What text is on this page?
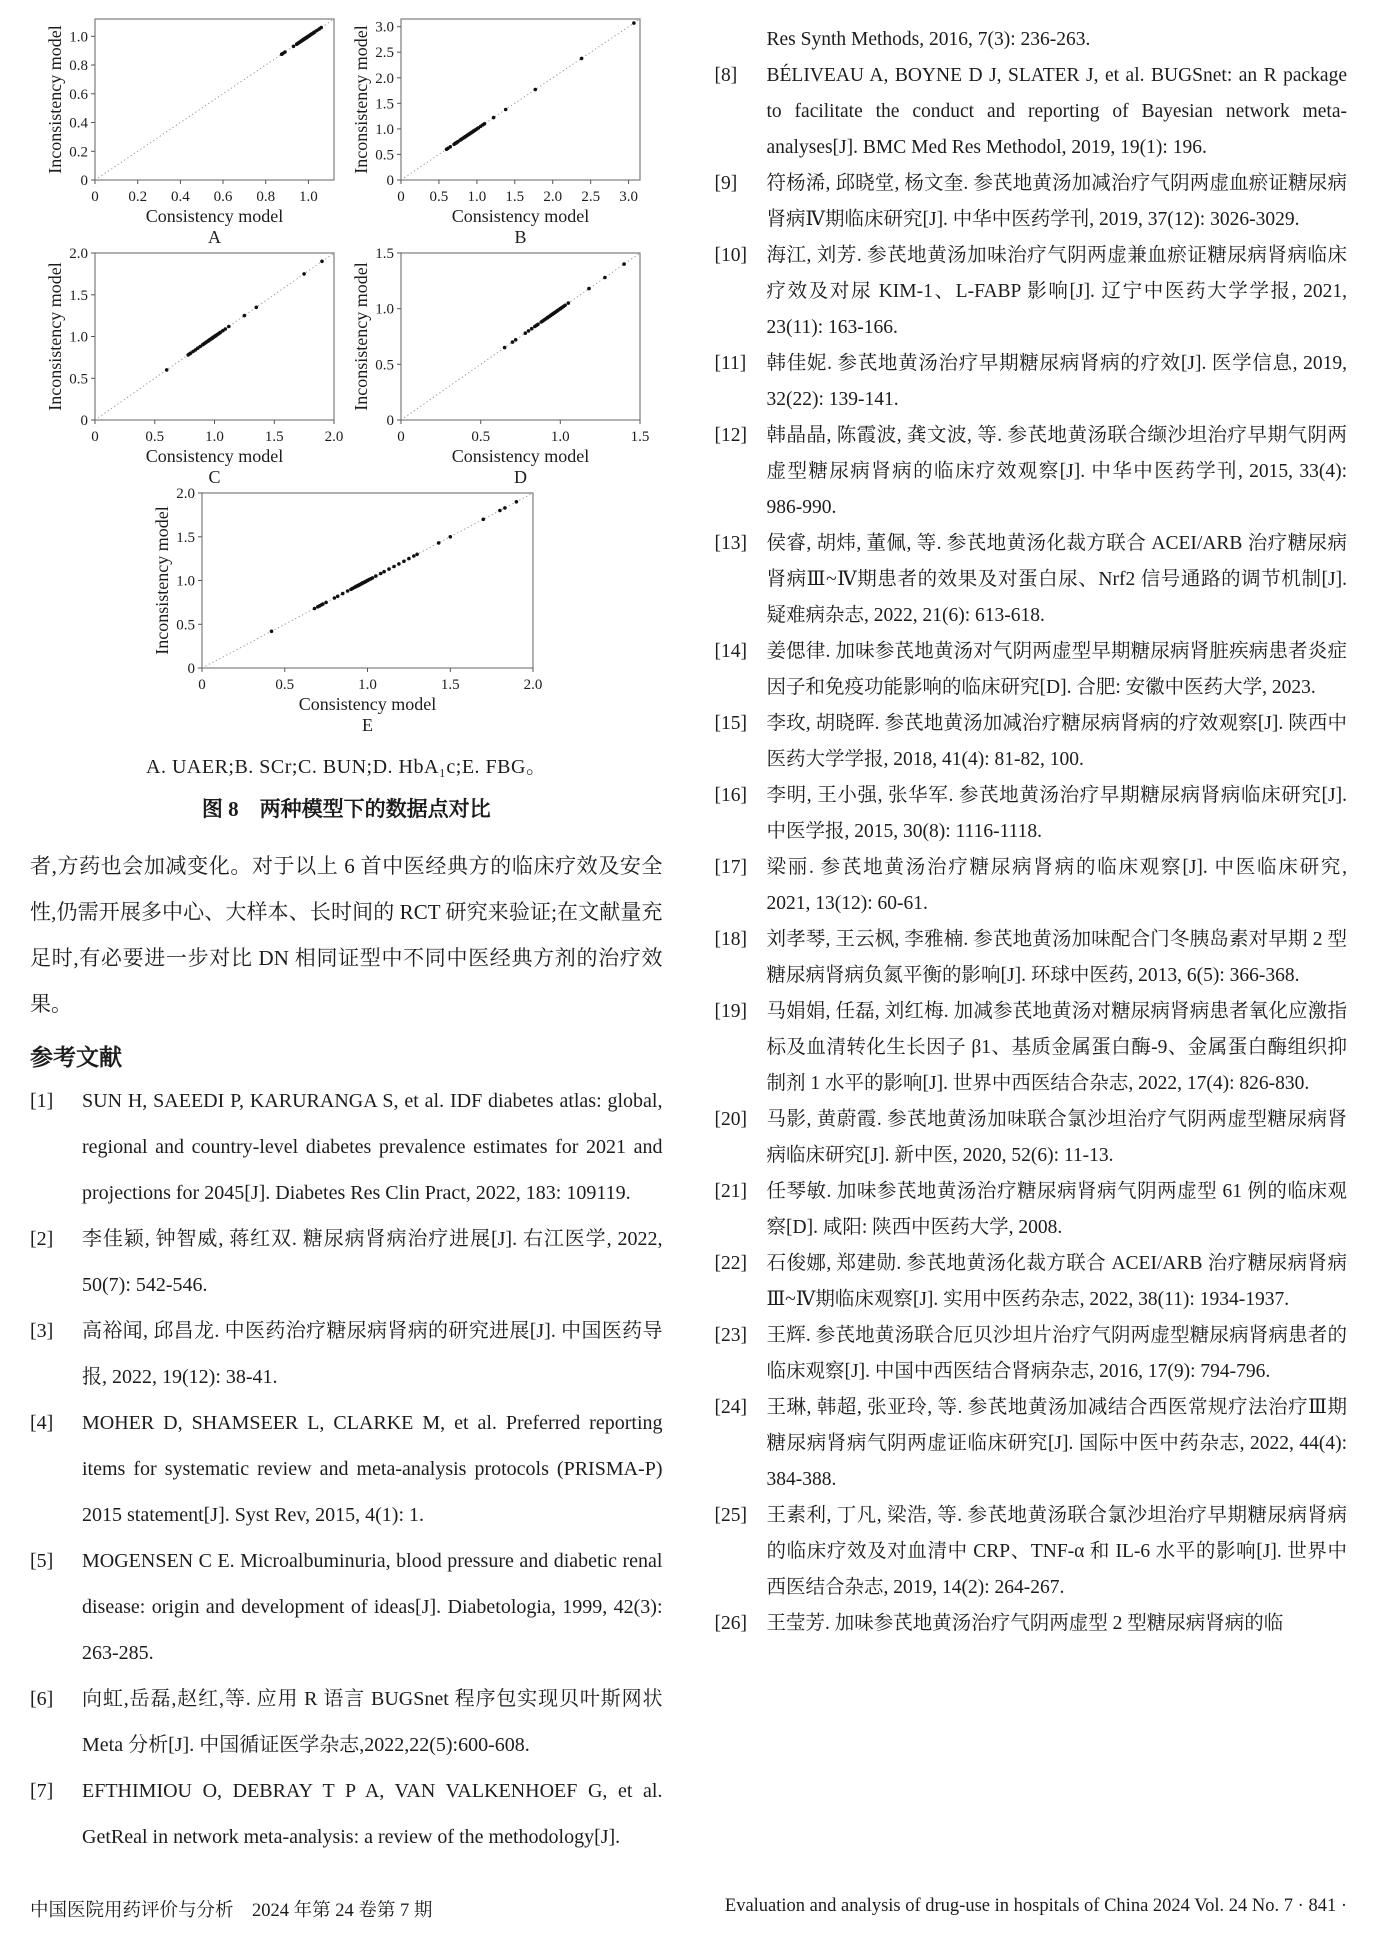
0
0
0.2
0.2
0.4
0.4
0.6
0.6
0.8
0.8
1.0
1.0
Consistency model
Inconsistency model
A
0
0
0.5
0.5
1.0
1.0
1.5
1.5
2.0
2.0
2.5
2.5
3.0
3.0
Consistency model
Inconsistency model
B
0
0
0.5
0.5
1.0
1.0
1.5
1.5
2.0
2.0
Consistency model
Inconsistency model
C
0
0
0.5
0.5
1.0
1.0
1.5
1.5
Consistency model
Inconsistency model
D
0
0
0.5
0.5
1.0
1.0
1.5
1.5
2.0
2.0
Consistency model
Inconsistency model
E
A. UAER;B. SCr;C. BUN;D. HbA₁c;E. FBG。
图 8　两种模型下的数据点对比

者,方药也会加减变化。对于以上 6 首中医经典方的临床疗效及安全性,仍需开展多中心、大样本、长时间的 RCT 研究来验证;在文献量充足时,有必要进一步对比 DN 相同证型中不同中医经典方剂的治疗效果。

参考文献
[1]	SUN H, SAEEDI P, KARURANGA S, et al. IDF diabetes atlas: global, regional and country-level diabetes prevalence estimates for 2021 and projections for 2045[J]. Diabetes Res Clin Pract, 2022, 183: 109119.
[2]	李佳颖, 钟智威, 蒋红双. 糖尿病肾病治疗进展[J]. 右江医学, 2022, 50(7): 542-546.
[3]	高裕闻, 邱昌龙. 中医药治疗糖尿病肾病的研究进展[J]. 中国医药导报, 2022, 19(12): 38-41.
[4]	MOHER D, SHAMSEER L, CLARKE M, et al. Preferred reporting items for systematic review and meta-analysis protocols (PRISMA-P) 2015 statement[J]. Syst Rev, 2015, 4(1): 1.
[5]	MOGENSEN C E. Microalbuminuria, blood pressure and diabetic renal disease: origin and development of ideas[J]. Diabetologia, 1999, 42(3): 263-285.
[6]	向虹,岳磊,赵红,等. 应用 R 语言 BUGSnet 程序包实现贝叶斯网状 Meta 分析[J]. 中国循证医学杂志,2022,22(5):600-608.
[7]	EFTHIMIOU O, DEBRAY T P A, VAN VALKENHOEF G, et al. GetReal in network meta-analysis: a review of the methodology[J].
Res Synth Methods, 2016, 7(3): 236-263.
[8]	BÉLIVEAU A, BOYNE D J, SLATER J, et al. BUGSnet: an R package to facilitate the conduct and reporting of Bayesian network meta-analyses[J]. BMC Med Res Methodol, 2019, 19(1): 196.
[9]	符杨浠, 邱晓堂, 杨文奎. 参芪地黄汤加减治疗气阴两虚血瘀证糖尿病肾病Ⅳ期临床研究[J]. 中华中医药学刊, 2019, 37(12): 3026-3029.
[10]	海江, 刘芳. 参芪地黄汤加味治疗气阴两虚兼血瘀证糖尿病肾病临床疗效及对尿 KIM-1、L-FABP 影响[J]. 辽宁中医药大学学报, 2021, 23(11): 163-166.
[11]	韩佳妮. 参芪地黄汤治疗早期糖尿病肾病的疗效[J]. 医学信息, 2019, 32(22): 139-141.
[12]	韩晶晶, 陈霞波, 龚文波, 等. 参芪地黄汤联合缬沙坦治疗早期气阴两虚型糖尿病肾病的临床疗效观察[J]. 中华中医药学刊, 2015, 33(4): 986-990.
[13]	侯睿, 胡炜, 董佩, 等. 参芪地黄汤化裁方联合 ACEI/ARB 治疗糖尿病肾病Ⅲ~Ⅳ期患者的效果及对蛋白尿、Nrf2 信号通路的调节机制[J]. 疑难病杂志, 2022, 21(6): 613-618.
[14]	姜偲律. 加味参芪地黄汤对气阴两虚型早期糖尿病肾脏疾病患者炎症因子和免疫功能影响的临床研究[D]. 合肥: 安徽中医药大学, 2023.
[15]	李玫, 胡晓晖. 参芪地黄汤加减治疗糖尿病肾病的疗效观察[J]. 陕西中医药大学学报, 2018, 41(4): 81-82, 100.
[16]	李明, 王小强, 张华军. 参芪地黄汤治疗早期糖尿病肾病临床研究[J]. 中医学报, 2015, 30(8): 1116-1118.
[17]	梁丽. 参芪地黄汤治疗糖尿病肾病的临床观察[J]. 中医临床研究, 2021, 13(12): 60-61.
[18]	刘孝琴, 王云枫, 李雅楠. 参芪地黄汤加味配合门冬胰岛素对早期 2 型糖尿病肾病负氮平衡的影响[J]. 环球中医药, 2013, 6(5): 366-368.
[19]	马娟娟, 任磊, 刘红梅. 加减参芪地黄汤对糖尿病肾病患者氧化应激指标及血清转化生长因子 β1、基质金属蛋白酶-9、金属蛋白酶组织抑制剂 1 水平的影响[J]. 世界中西医结合杂志, 2022, 17(4): 826-830.
[20]	马影, 黄蔚霞. 参芪地黄汤加味联合氯沙坦治疗气阴两虚型糖尿病肾病临床研究[J]. 新中医, 2020, 52(6): 11-13.
[21]	任琴敏. 加味参芪地黄汤治疗糖尿病肾病气阴两虚型 61 例的临床观察[D]. 咸阳: 陕西中医药大学, 2008.
[22]	石俊娜, 郑建勋. 参芪地黄汤化裁方联合 ACEI/ARB 治疗糖尿病肾病Ⅲ~Ⅳ期临床观察[J]. 实用中医药杂志, 2022, 38(11): 1934-1937.
[23]	王辉. 参芪地黄汤联合厄贝沙坦片治疗气阴两虚型糖尿病肾病患者的临床观察[J]. 中国中西医结合肾病杂志, 2016, 17(9): 794-796.
[24]	王琳, 韩超, 张亚玲, 等. 参芪地黄汤加减结合西医常规疗法治疗Ⅲ期糖尿病肾病气阴两虚证临床研究[J]. 国际中医中药杂志, 2022, 44(4): 384-388.
[25]	王素利, 丁凡, 梁浩, 等. 参芪地黄汤联合氯沙坦治疗早期糖尿病肾病的临床疗效及对血清中 CRP、TNF-α 和 IL-6 水平的影响[J]. 世界中西医结合杂志, 2019, 14(2): 264-267.
[26]	王莹芳. 加味参芪地黄汤治疗气阴两虚型 2 型糖尿病肾病的临
中国医院用药评价与分析　2024 年第 24 卷第 7 期	Evaluation and analysis of drug-use in hospitals of China 2024 Vol. 24 No. 7 · 841 ·
